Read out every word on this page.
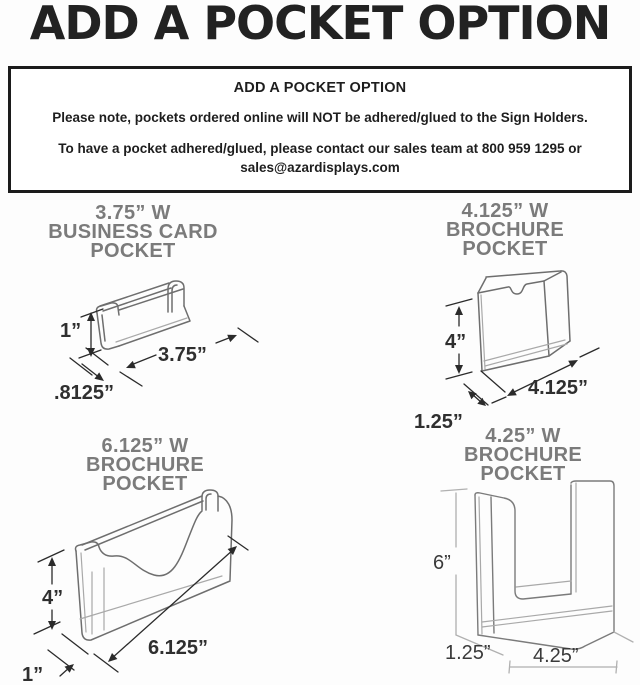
ADD A POCKET OPTION
ADD A POCKET OPTION
Please note, pockets ordered online will NOT be adhered/glued to the Sign Holders.
To have a pocket adhered/glued, please contact our sales team at 800 959 1295 or sales@azardisplays.com
3.75” W
BUSINESS CARD
POCKET
4.125” W
BROCHURE
POCKET
6.125” W
BROCHURE
POCKET
4.25” W
BROCHURE
POCKET
1”
3.75”
.8125”
4”
4.125”
1.25”
4”
6.125”
1”
6”
1.25” 4.25”
